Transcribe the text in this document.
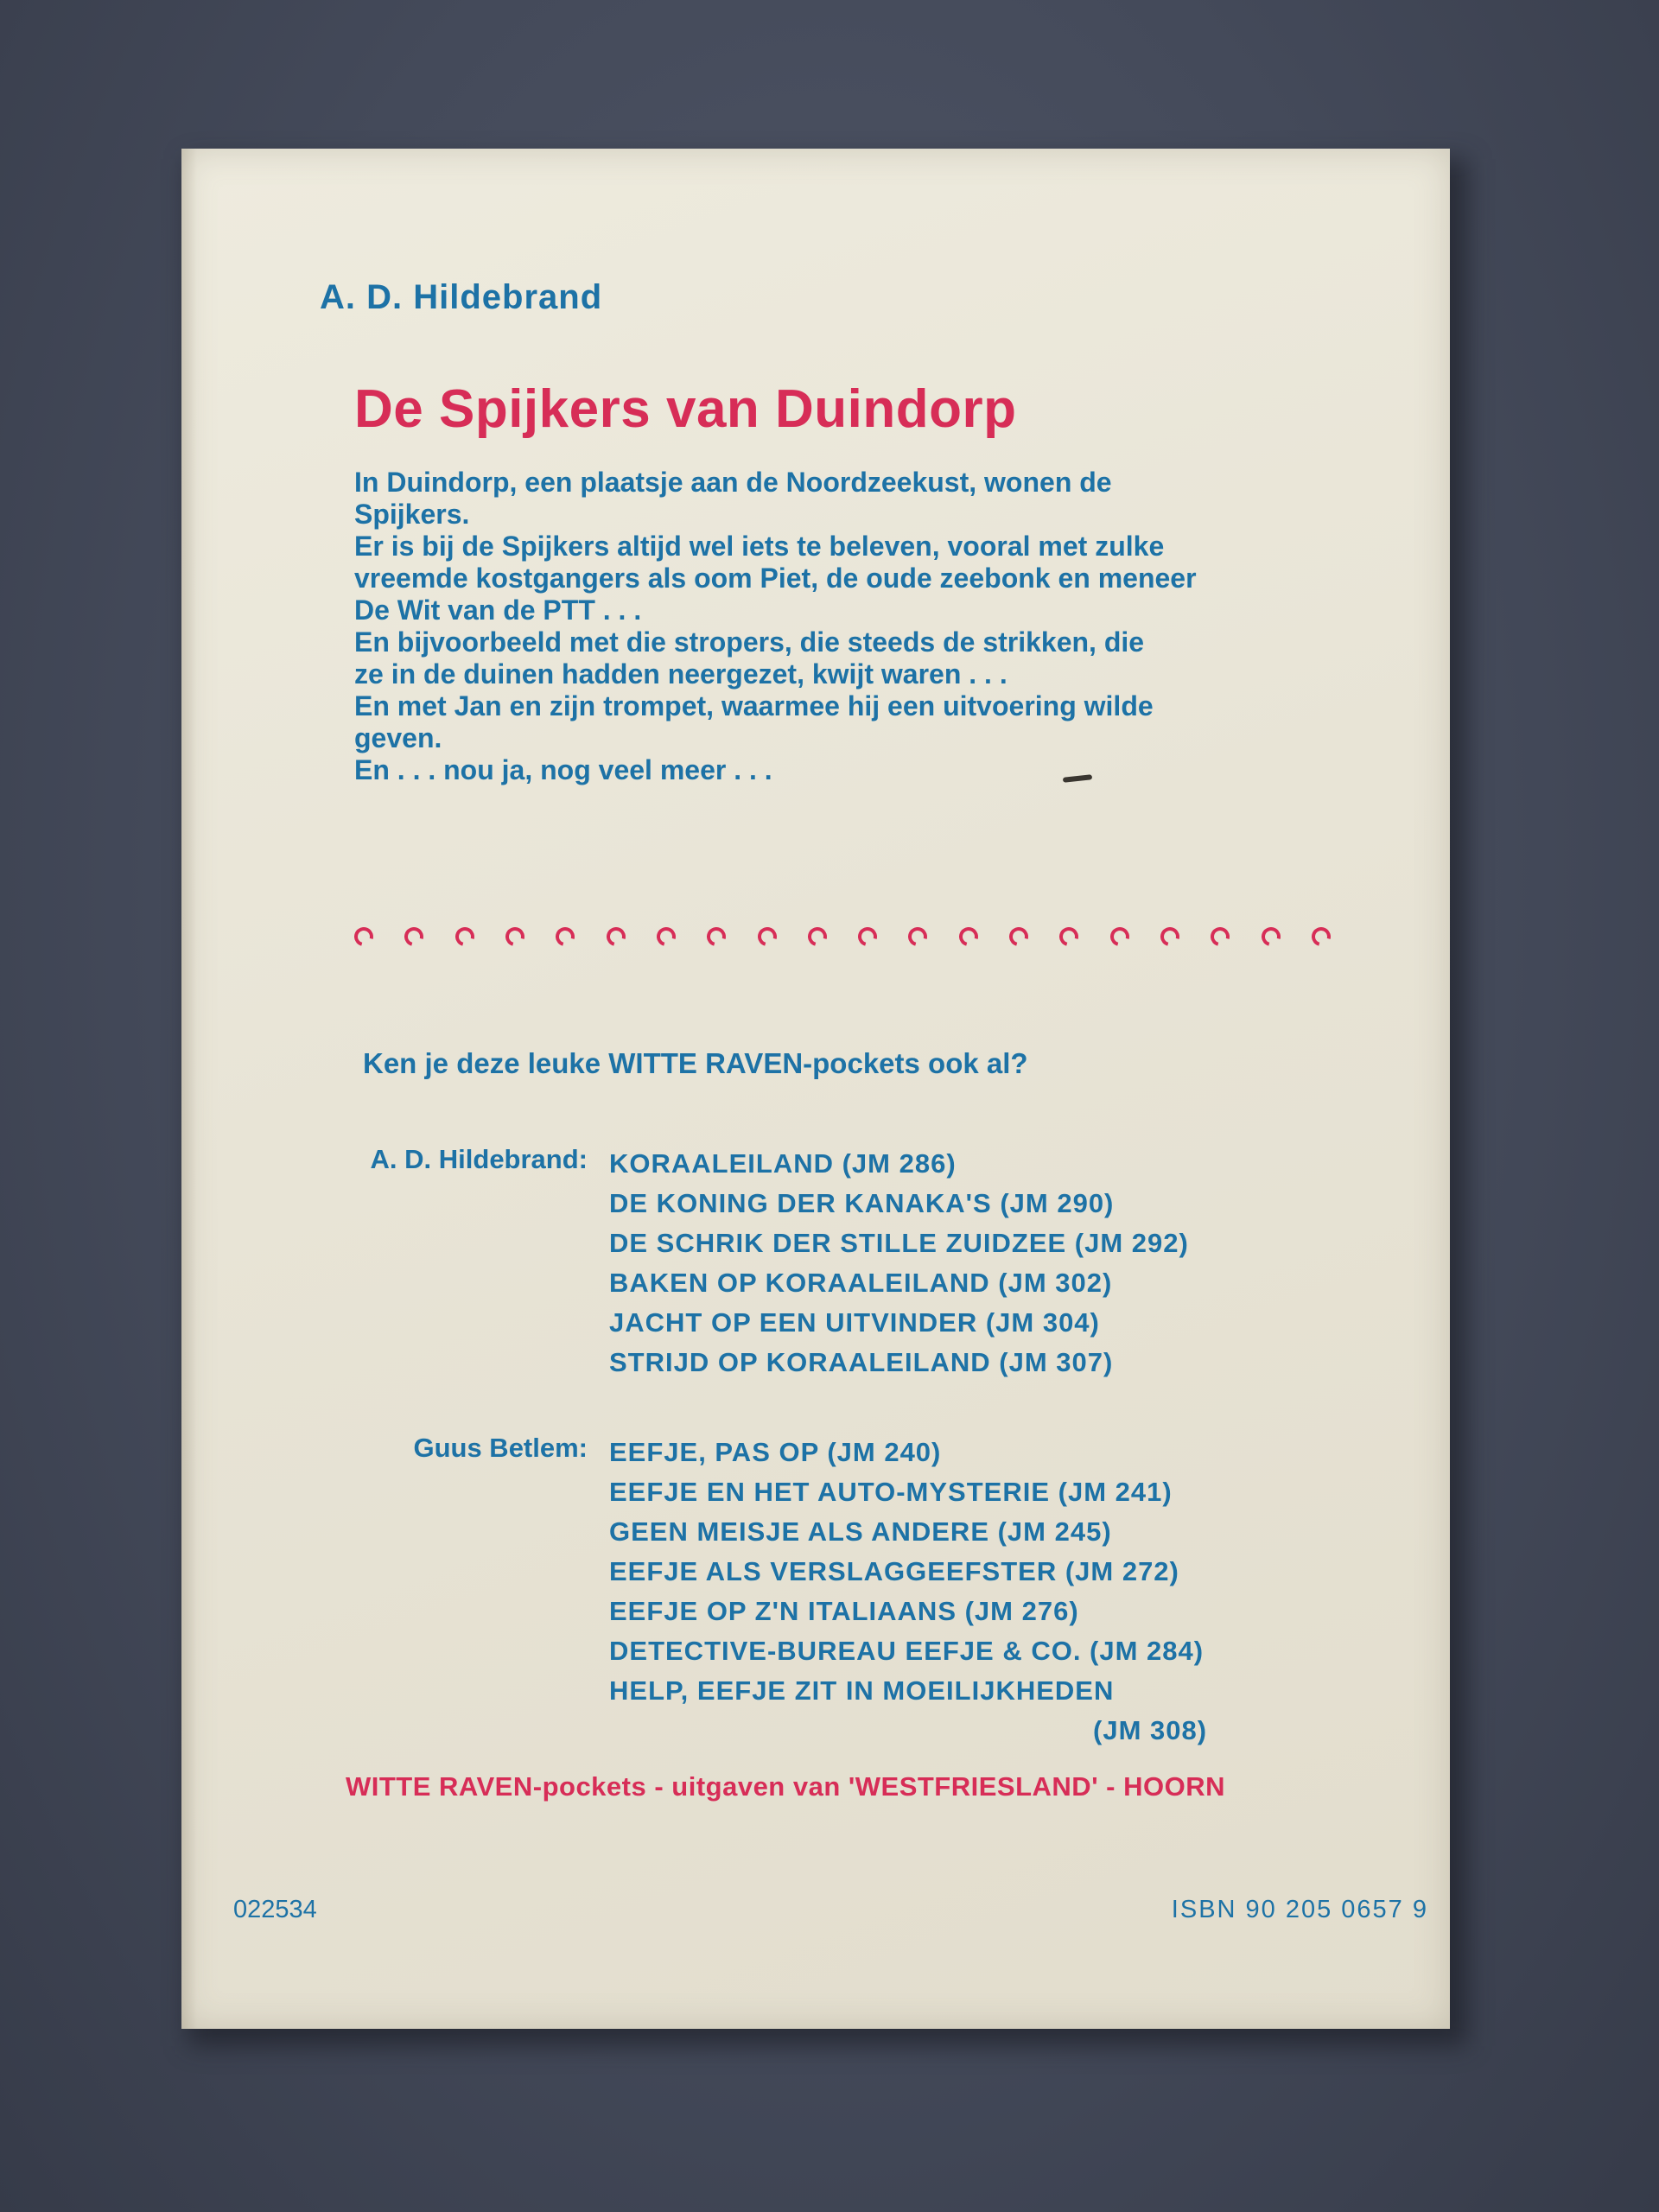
A. D. Hildebrand
De Spijkers van Duindorp
In Duindorp, een plaatsje aan de Noordzeekust, wonen de
Spijkers.
Er is bij de Spijkers altijd wel iets te beleven, vooral met zulke
vreemde kostgangers als oom Piet, de oude zeebonk en meneer
De Wit van de PTT . . .
En bijvoorbeeld met die stropers, die steeds de strikken, die
ze in de duinen hadden neergezet, kwijt waren . . .
En met Jan en zijn trompet, waarmee hij een uitvoering wilde
geven.
En . . . nou ja, nog veel meer . . .
Ken je deze leuke WITTE RAVEN-pockets ook al?
A. D. Hildebrand: KORAALEILAND (JM 286)
DE KONING DER KANAKA'S (JM 290)
DE SCHRIK DER STILLE ZUIDZEE (JM 292)
BAKEN OP KORAALEILAND (JM 302)
JACHT OP EEN UITVINDER (JM 304)
STRIJD OP KORAALEILAND (JM 307)
Guus Betlem: EEFJE, PAS OP (JM 240)
EEFJE EN HET AUTO-MYSTERIE (JM 241)
GEEN MEISJE ALS ANDERE (JM 245)
EEFJE ALS VERSLAGGEEFSTER (JM 272)
EEFJE OP Z'N ITALIAANS (JM 276)
DETECTIVE-BUREAU EEFJE & CO. (JM 284)
HELP, EEFJE ZIT IN MOEILIJKHEDEN
(JM 308)
WITTE RAVEN-pockets - uitgaven van 'WESTFRIESLAND' - HOORN
022534	ISBN 90 205 0657 9
